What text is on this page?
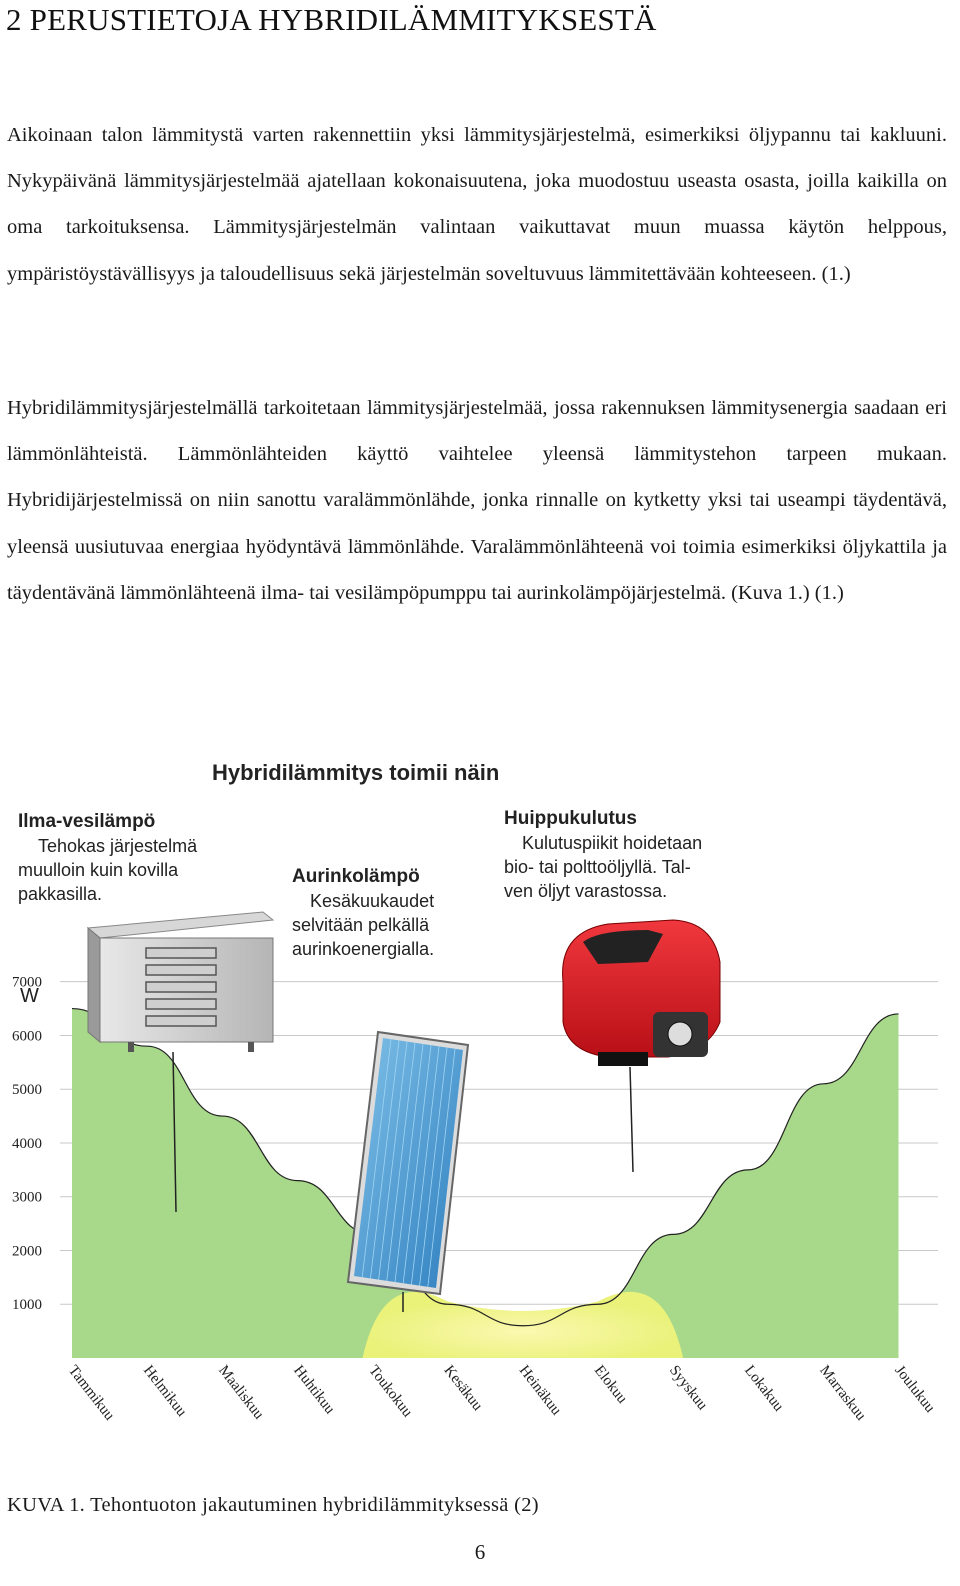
2 PERUSTIETOJA HYBRIDILÄMMITYKSESTÄ

Aikoinaan talon lämmitystä varten rakennettiin yksi lämmitysjärjestelmä, esimerkiksi öljypannu tai kakluuni. Nykypäivänä lämmitysjärjestelmää ajatellaan kokonaisuutena, joka muodostuu useasta osasta, joilla kaikilla on oma tarkoituksensa. Lämmitysjärjestelmän valintaan vaikuttavat muun muassa käytön helppous, ympäristöystävällisyys ja taloudellisuus sekä järjestelmän soveltuvuus lämmitettävään kohteeseen. (1.)

Hybridilämmitysjärjestelmällä tarkoitetaan lämmitysjärjestelmää, jossa rakennuksen lämmitysenergia saadaan eri lämmönlähteistä. Lämmönlähteiden käyttö vaihtelee yleensä lämmitystehon tarpeen mukaan. Hybridijärjestelmissä on niin sanottu varalämmönlähde, jonka rinnalle on kytketty yksi tai useampi täydentävä, yleensä uusiutuvaa energiaa hyödyntävä lämmönlähde. Varalämmönlähteenä voi toimia esimerkiksi öljykattila ja täydentävänä lämmönlähteenä ilma- tai vesilämpöpumppu tai aurinkolämpöjärjestelmä. (Kuva 1.) (1.)

Hybridilämmitys toimii näin
7000
6000
5000
4000
3000
2000
1000
W
Tammikuu Helmikuu Maaliskuu Huhtikuu Toukokuu Kesäkuu Heinäkuu Elokuu Syyskuu Lokakuu Marraskuu Joulukuu
Ilma-vesilämpö
Tehokas järjestelmä
muulloin kuin kovilla
pakkasilla.
Aurinkolämpö
Kesäkuukaudet
selvitään pelkällä
aurinkoenergialla.
Huippukulutus
Kulutuspiikit hoidetaan
bio- tai polttoöljyllä. Tal-
ven öljyt varastossa.
KUVA 1. Tehontuoton jakautuminen hybridilämmityksessä (2)
6
